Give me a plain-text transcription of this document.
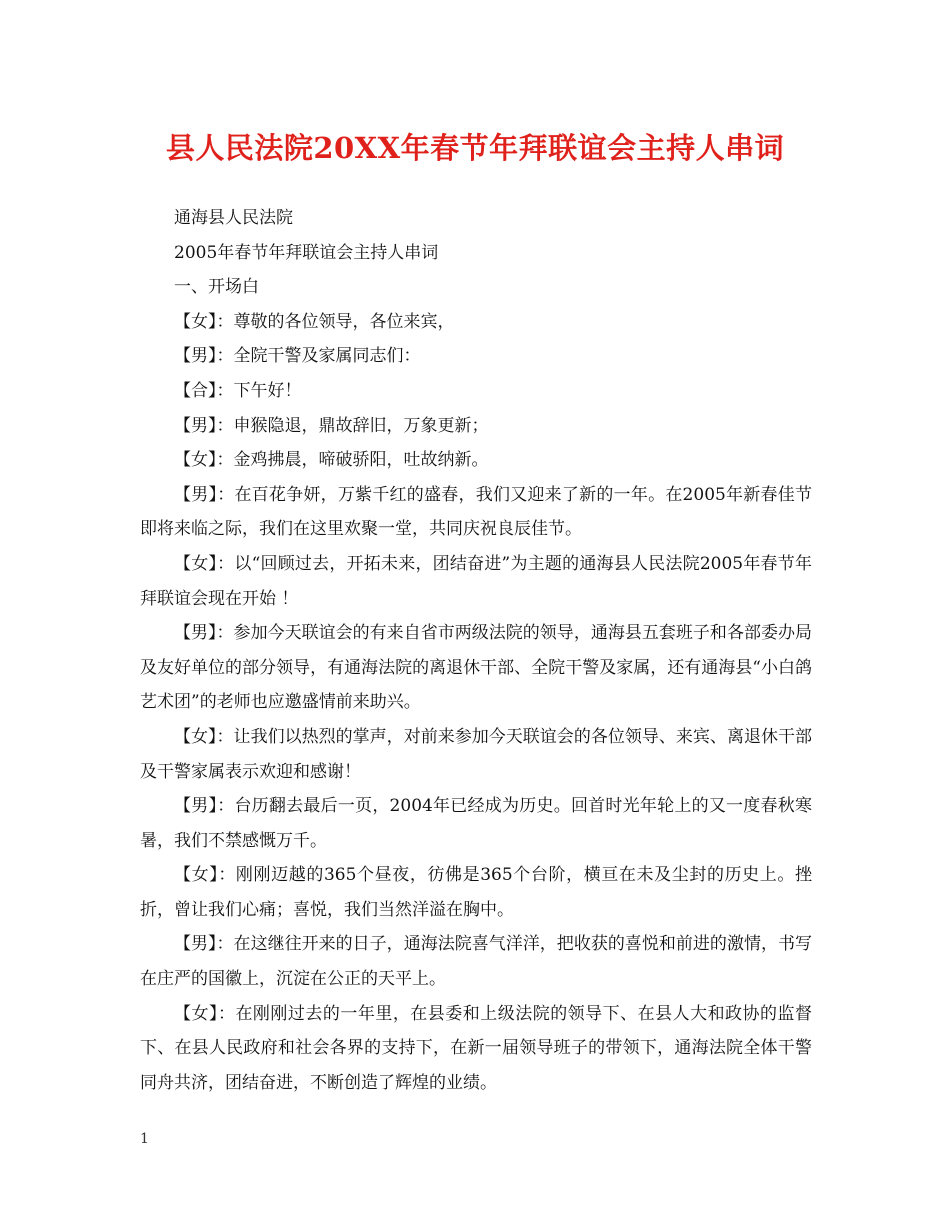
县人民法院20XX年春节年拜联谊会主持人串词

通海县人民法院

2005年春节年拜联谊会主持人串词

一、开场白

【女】：尊敬的各位领导，各位来宾，

【男】：全院干警及家属同志们：

【合】：下午好！

【男】：申猴隐退，鼎故辞旧，万象更新；

【女】：金鸡拂晨，啼破骄阳，吐故纳新。

【男】：在百花争妍，万紫千红的盛春，我们又迎来了新的一年。在2005年新春佳节即将来临之际，我们在这里欢聚一堂，共同庆祝良辰佳节。

【女】：以“回顾过去，开拓未来，团结奋进”为主题的通海县人民法院2005年春节年拜联谊会现在开始 ！

【男】：参加今天联谊会的有来自省市两级法院的领导，通海县五套班子和各部委办局及友好单位的部分领导，有通海法院的离退休干部、全院干警及家属，还有通海县“小白鸽艺术团”的老师也应邀盛情前来助兴。

【女】：让我们以热烈的掌声，对前来参加今天联谊会的各位领导、来宾、离退休干部及干警家属表示欢迎和感谢！

【男】：台历翻去最后一页，2004年已经成为历史。回首时光年轮上的又一度春秋寒暑，我们不禁感慨万千。

【女】：刚刚迈越的365个昼夜，彷佛是365个台阶，横亘在未及尘封的历史上。挫折，曾让我们心痛；喜悦，我们当然洋溢在胸中。

【男】：在这继往开来的日子，通海法院喜气洋洋，把收获的喜悦和前进的激情，书写在庄严的国徽上，沉淀在公正的天平上。

【女】：在刚刚过去的一年里，在县委和上级法院的领导下、在县人大和政协的监督下、在县人民政府和社会各界的支持下，在新一届领导班子的带领下，通海法院全体干警同舟共济，团结奋进，不断创造了辉煌的业绩。

1
